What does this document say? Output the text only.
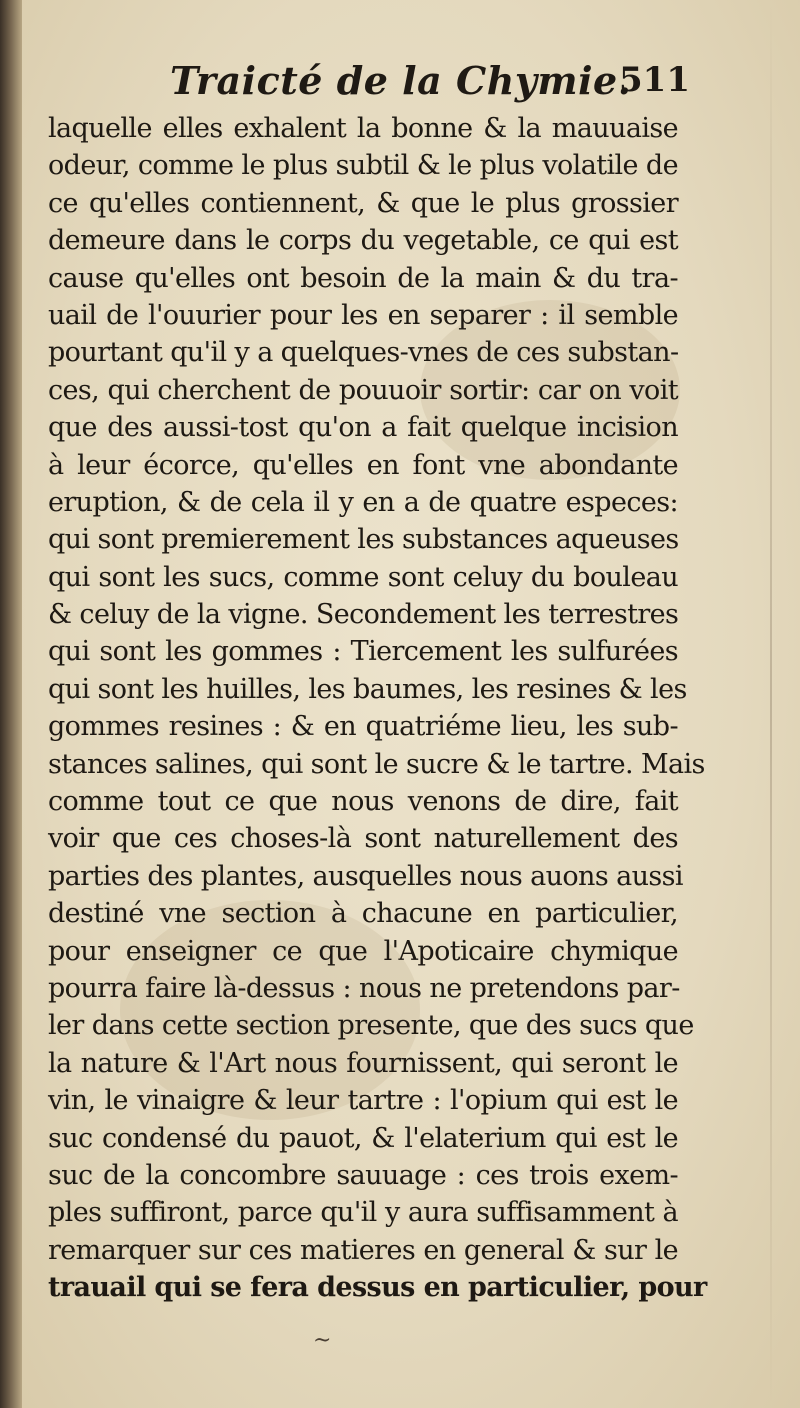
Traicté de la Chymie.
511
laquelle elles exhalent la bonne & la mauuaise
odeur, comme le plus subtil & le plus volatile de
ce qu'elles contiennent, & que le plus grossier
demeure dans le corps du vegetable, ce qui est
cause qu'elles ont besoin de la main & du tra-
uail de l'ouurier pour les en separer : il semble
pourtant qu'il y a quelques-vnes de ces substan-
ces, qui cherchent de pouuoir sortir: car on voit
que des aussi-tost qu'on a fait quelque incision
à leur écorce, qu'elles en font vne abondante
eruption, & de cela il y en a de quatre especes:
qui sont premierement les substances aqueuses
qui sont les sucs, comme sont celuy du bouleau
& celuy de la vigne. Secondement les terrestres
qui sont les gommes : Tiercement les sulfurées
qui sont les huilles, les baumes, les resines & les
gommes resines : & en quatriéme lieu, les sub-
stances salines, qui sont le sucre & le tartre. Mais
comme tout ce que nous venons de dire, fait
voir que ces choses-là sont naturellement des
parties des plantes, ausquelles nous auons aussi
destiné vne section à chacune en particulier,
pour enseigner ce que l'Apoticaire chymique
pourra faire là-dessus : nous ne pretendons par-
ler dans cette section presente, que des sucs que
la nature & l'Art nous fournissent, qui seront le
vin, le vinaigre & leur tartre : l'opium qui est le
suc condensé du pauot, & l'elaterium qui est le
suc de la concombre sauuage : ces trois exem-
ples suffiront, parce qu'il y aura suffisamment à
remarquer sur ces matieres en general & sur le
trauail qui se fera dessus en particulier, pour
~
